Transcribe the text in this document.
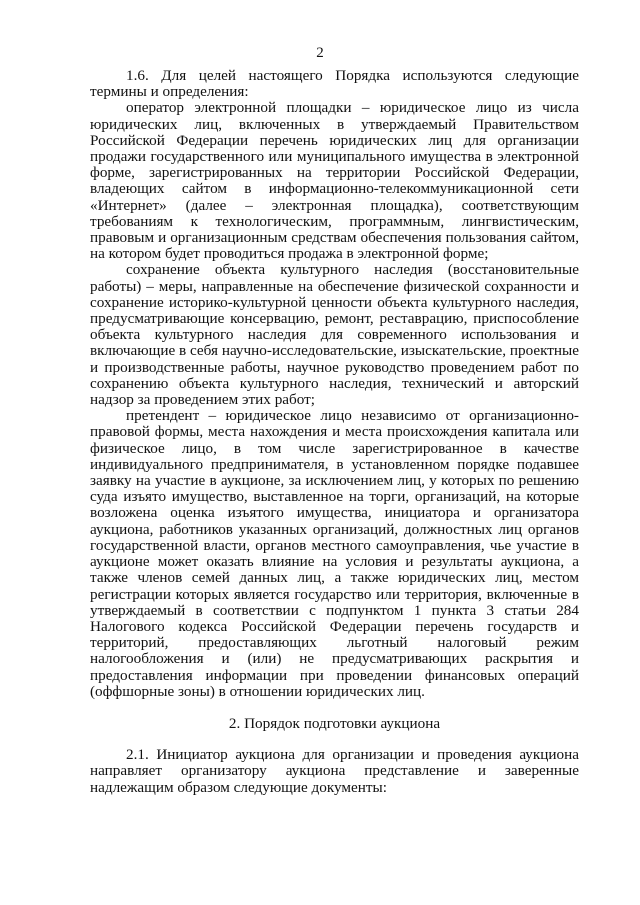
2

1.6. Для целей настоящего Порядка используются следующие термины и определения:

оператор электронной площадки – юридическое лицо из числа юридических лиц, включенных в утверждаемый Правительством Российской Федерации перечень юридических лиц для организации продажи государственного или муниципального имущества в электронной форме, зарегистрированных на территории Российской Федерации, владеющих сайтом в информационно-телекоммуникационной сети «Интернет» (далее – электронная площадка), соответствующим требованиям к технологическим, программным, лингвистическим, правовым и организационным средствам обеспечения пользования сайтом, на котором будет проводиться продажа в электронной форме;

сохранение объекта культурного наследия (восстановительные работы) – меры, направленные на обеспечение физической сохранности и сохранение историко-культурной ценности объекта культурного наследия, предусматривающие консервацию, ремонт, реставрацию, приспособление объекта культурного наследия для современного использования и включающие в себя научно-исследовательские, изыскательские, проектные и производственные работы, научное руководство проведением работ по сохранению объекта культурного наследия, технический и авторский надзор за проведением этих работ;

претендент – юридическое лицо независимо от организационно-правовой формы, места нахождения и места происхождения капитала или физическое лицо, в том числе зарегистрированное в качестве индивидуального предпринимателя, в установленном порядке подавшее заявку на участие в аукционе, за исключением лиц, у которых по решению суда изъято имущество, выставленное на торги, организаций, на которые возложена оценка изъятого имущества, инициатора и организатора аукциона, работников указанных организаций, должностных лиц органов государственной власти, органов местного самоуправления, чье участие в аукционе может оказать влияние на условия и результаты аукциона, а также членов семей данных лиц, а также юридических лиц, местом регистрации которых является государство или территория, включенные в утверждаемый в соответствии с подпунктом 1 пункта 3 статьи 284 Налогового кодекса Российской Федерации перечень государств и территорий, предоставляющих льготный налоговый режим налогообложения и (или) не предусматривающих раскрытия и предоставления информации при проведении финансовых операций (оффшорные зоны) в отношении юридических лиц.

2. Порядок подготовки аукциона

2.1. Инициатор аукциона для организации и проведения аукциона направляет организатору аукциона представление и заверенные надлежащим образом следующие документы:
